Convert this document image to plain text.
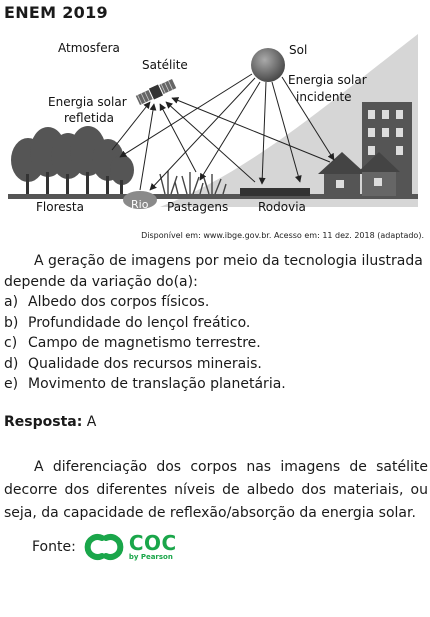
ENEM 2019
Atmosfera
Satélite
Sol
Energia solar
refletida
Energia solar
incidente
Floresta	Rio Pastagens Rodovia
Disponível em: www.ibge.gov.br. Acesso em: 11 dez. 2018 (adaptado).

A geração de imagens por meio da tecnologia ilustrada depende da variação do(a):

a) Albedo dos corpos físicos.
b) Profundidade do lençol freático.
c) Campo de magnetismo terrestre.
d) Qualidade dos recursos minerais.
e) Movimento de translação planetária.
Resposta: A
A diferenciação dos corpos nas imagens de satélite decorre dos diferentes níveis de albedo dos materiais, ou seja, da capacidade de reflexão/absorção da energia solar.
Fonte:	COC
by Pearson
